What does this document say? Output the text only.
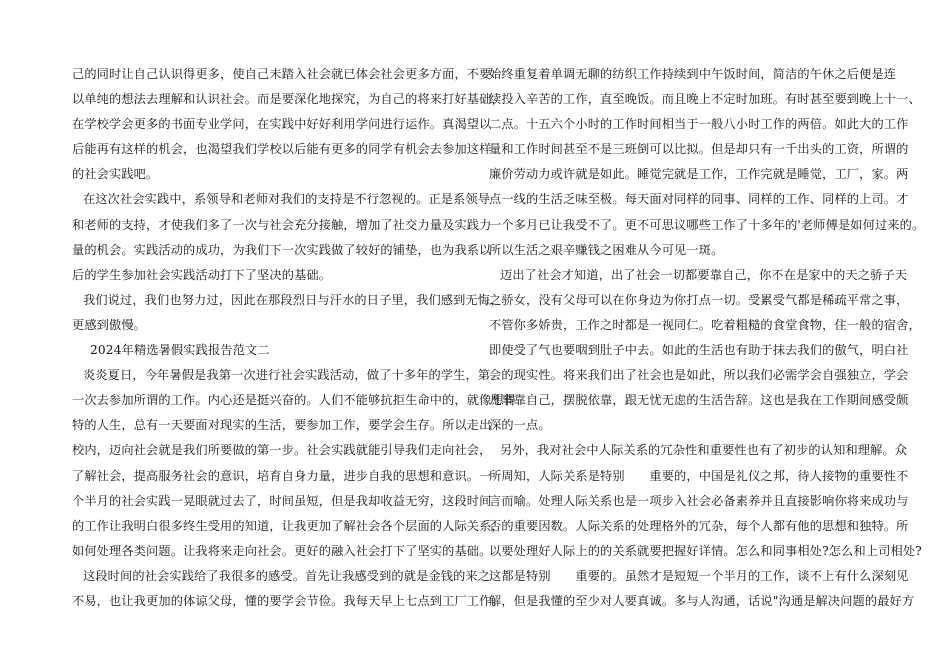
己的同时让自己认识得更多，使自己未踏入社会就已体会社会更多方面，不要
以单纯的想法去理解和认识社会。而是要深化地探究，为自己的将来打好基础，
在学校学会更多的书面专业学问，在实践中好好利用学问进行运作。真渴望以
后能再有这样的机会，也渴望我们学校以后能有更多的同学有机会去参加这样
的社会实践吧。
在这次社会实践中，系领导和老师对我们的支持是不行忽视的。正是系领导
和老师的支持，才使我们多了一次与社会充分接触，增加了社交力量及实践力
量的机会。实践活动的成功，为我们下一次实践做了较好的铺垫，也为我系以
后的学生参加社会实践活动打下了坚决的基础。
我们说过，我们也努力过，因此在那段烈日与汗水的日子里，我们感到无悔，
更感到傲慢。
2024年精选暑假实践报告范文二
炎炎夏日，今年暑假是我第一次进行社会实践活动，做了十多年的学生，第
一次去参加所谓的工作。内心还是挺兴奋的。人们不能够抗拒生命中的，就像想得
特的人生，总有一天要面对现实的生活，要参加工作，要学会生存。所以走出
校内，迈向社会就是我们所要做的第一步。社会实践就能引导我们走向社会，
了解社会，提高服务社会的意识，培育自身力量，进步自我的思想和意识。一
个半月的社会实践一晃眼就过去了，时间虽短，但是我却收益无穷，这段时间
的工作让我明白很多终生受用的知道，让我更加了解社会各个层面的人际关系，
如何处理各类问题。让我将来走向社会。更好的融入社会打下了坚实的基础。
这段时间的社会实践给了我很多的感受。首先让我感受到的就是金钱的来之
不易，也让我更加的体谅父母，懂的要学会节俭。我每天早上七点到工厂工作。
始终重复着单调无聊的纺织工作持续到中午饭时间，简洁的午休之后便是连
续投入辛苦的工作，直至晚饭。而且晚上不定时加班。有时甚至要到晚上十一、
二点。十五六个小时的工作时间相当于一般八小时工作的两倍。如此大的工作
量和工作时间甚至不是三班倒可以比拟。但是却只有一千出头的工资，所谓的
廉价劳动力或许就是如此。睡觉完就是工作，工作完就是睡觉，工厂，家。两
点一线的生活乏味至极。每天面对同样的同事、同样的工作、同样的上司。才
一个多月已让我受不了。更不可思议哪些工作了十多年的'老师傅是如何过来的。
所以生活之艰辛赚钱之困难从今可见一斑。
迈出了社会才知道，出了社会一切都要靠自己，你不在是家中的天之骄子天
之骄女，没有父母可以在你身边为你打点一切。受累受气都是稀疏平常之事，
不管你多娇贵，工作之时都是一视同仁。吃着粗糙的食堂食物，住一般的宿舍，
即使受了气也要咽到肚子中去。如此的生活也有助于抹去我们的傲气，明白社
会的现实性。将来我们出了社会也是如此，所以我们必需学会自强独立，学会
凡事靠自己，摆脱依靠，跟无忧无虑的生活告辞。这也是我在工作期间感受颇
深的一点。
另外，我对社会中人际关系的冗杂性和重要性也有了初步的认知和理解。众
所周知，人际关系是特别　　重要的，中国是礼仪之邦，待人接物的重要性不
言而喻。处理人际关系也是一项步入社会必备素养并且直接影响你将来成功与
否的重要因数。人际关系的处理格外的冗杂，每个人都有他的思想和独特。所
以要处理好人际上的的关系就要把握好详情。怎么和同事相处?怎么和上司相处?
这都是特别　　重要的。虽然才是短短一个半月的工作，谈不上有什么深刻见
解，但是我懂的至少对人要真诚。多与人沟通，话说"沟通是解决问题的最好方
